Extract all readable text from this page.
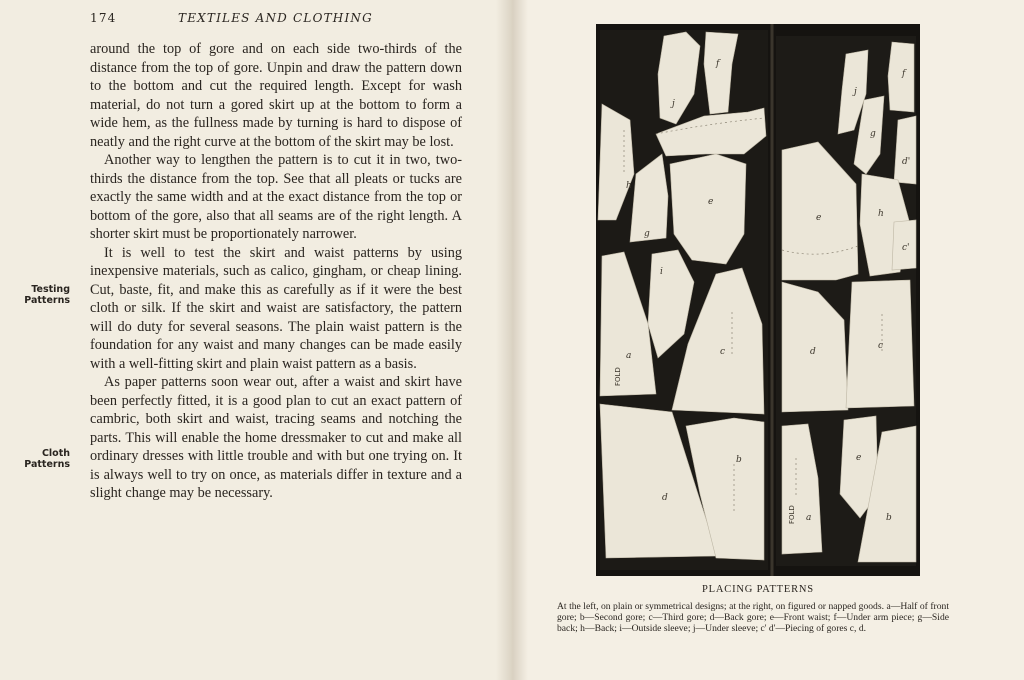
174	TEXTILES AND CLOTHING
Testing
Patterns
Cloth
Patterns

around the top of gore and on each side two-thirds of the distance from the top of gore. Unpin and draw the pattern down to the bottom and cut the required length. Except for wash material, do not turn a gored skirt up at the bottom to form a wide hem, as the fullness made by turning is hard to dispose of neatly and the right curve at the bottom of the skirt may be lost.

Another way to lengthen the pattern is to cut it in two, two-thirds the distance from the top. See that all pleats or tucks are exactly the same width and at the exact distance from the top or bottom of the gore, also that all seams are of the right length. A shorter skirt must be proportionately narrower.

It is well to test the skirt and waist patterns by using inexpensive materials, such as calico, gingham, or cheap lining. Cut, baste, fit, and make this as carefully as if it were the best cloth or silk. If the skirt and waist are satisfactory, the pattern will do duty for several seasons. The plain waist pattern is the foundation for any waist and many changes can be made easily with a well-fitting skirt and plain waist pattern as a basis.

As paper patterns soon wear out, after a waist and skirt have been perfectly fitted, it is a good plan to cut an exact pattern of cambric, both skirt and waist, tracing seams and notching the parts. This will enable the home dressmaker to cut and make all ordinary dresses with little trouble and with but one trying on. It is always well to try on once, as materials differ in texture and a slight change may be necessary.

j
f
h
e
g
i
FOLD
a	c
d
b
f
j
g
d'
e	h
c'
d
c
e
FOLD a	b
PLACING PATTERNS
At the left, on plain or symmetrical designs; at the right, on figured or napped goods. a—Half of front gore; b—Second gore; c—Third gore; d—Back gore; e—Front waist; f—Under arm piece; g—Side back; h—Back; i—Outside sleeve; j—Under sleeve; c' d'—Piecing of gores c, d.
